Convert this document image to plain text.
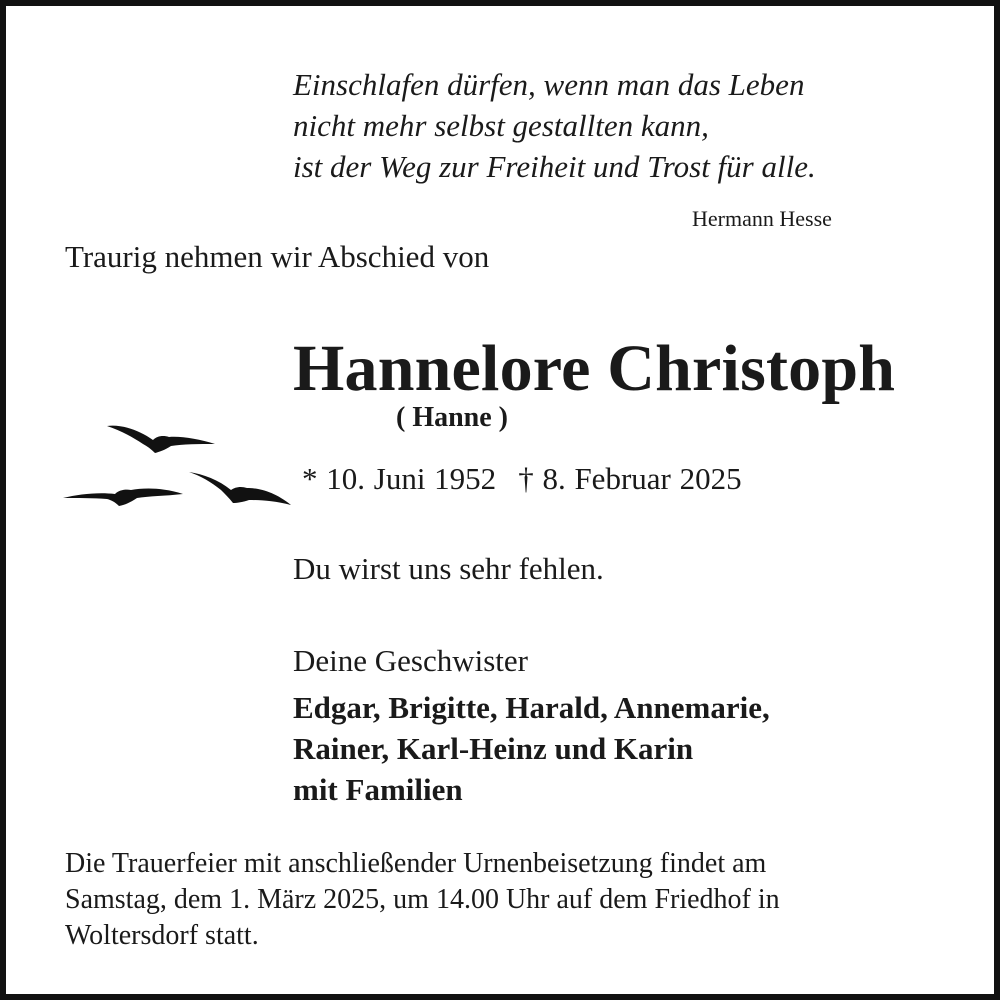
Einschlafen dürfen, wenn man das Leben
nicht mehr selbst gestallten kann,
ist der Weg zur Freiheit und Trost für alle.
Hermann Hesse
Traurig nehmen wir Abschied von
Hannelore Christoph
( Hanne )
* 10. Juni 1952 † 8. Februar 2025
Du wirst uns sehr fehlen.
Deine Geschwister
Edgar, Brigitte, Harald, Annemarie,
Rainer, Karl-Heinz und Karin
mit Familien
Die Trauerfeier mit anschließender Urnenbeisetzung findet am
Samstag, dem 1. März 2025, um 14.00 Uhr auf dem Friedhof in
Woltersdorf statt.
